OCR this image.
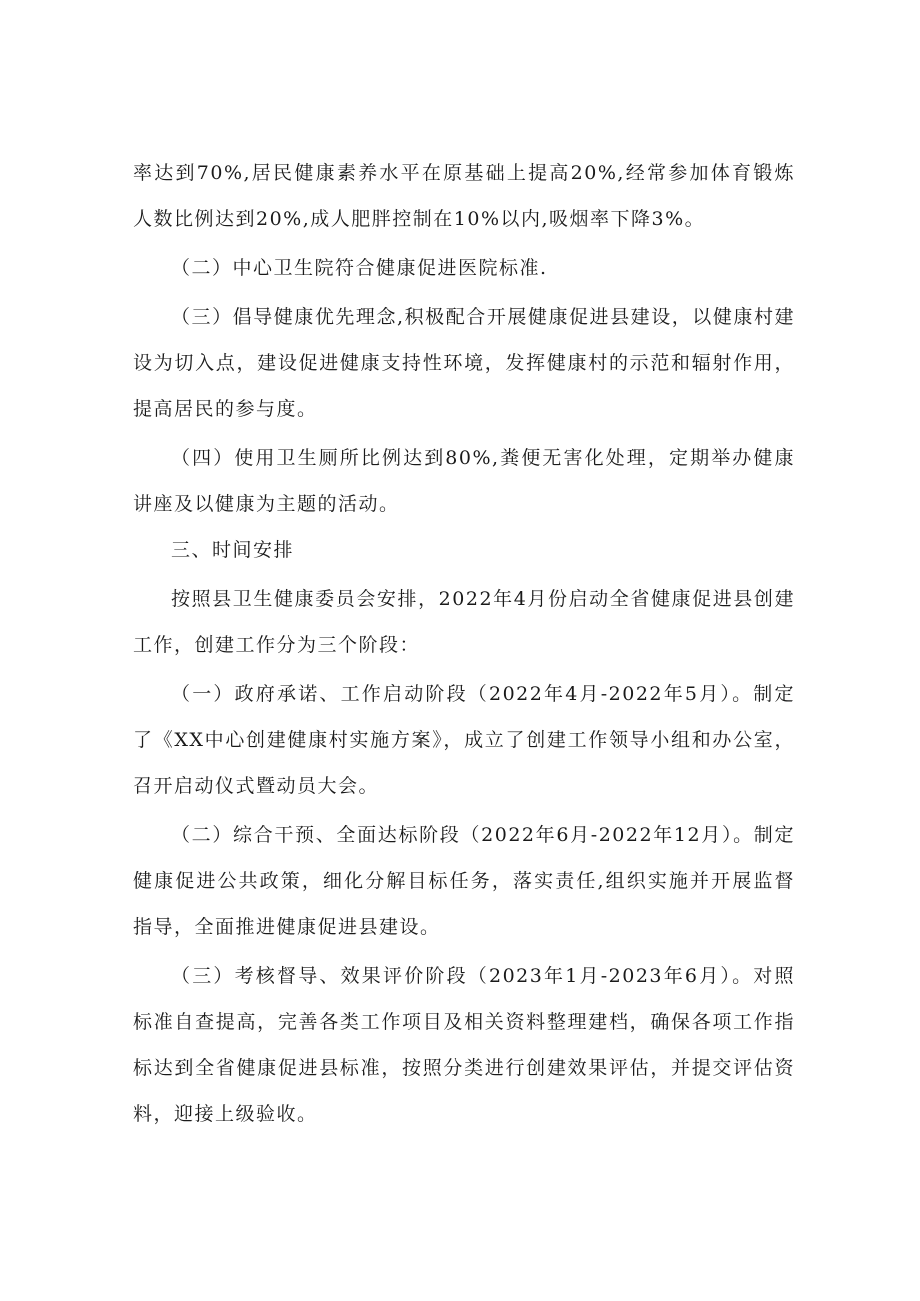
率达到70%,居民健康素养水平在原基础上提高20%,经常参加体育锻炼人数比例达到20%,成人肥胖控制在10%以内,吸烟率下降3%。

（二）中心卫生院符合健康促进医院标准.

（三）倡导健康优先理念,积极配合开展健康促进县建设，以健康村建设为切入点，建设促进健康支持性环境，发挥健康村的示范和辐射作用，提高居民的参与度。

（四）使用卫生厕所比例达到80%,粪便无害化处理，定期举办健康讲座及以健康为主题的活动。

三、时间安排

按照县卫生健康委员会安排，2022年4月份启动全省健康促进县创建工作，创建工作分为三个阶段：

（一）政府承诺、工作启动阶段（2022年4月-2022年5月）。制定了《XX中心创建健康村实施方案》，成立了创建工作领导小组和办公室，召开启动仪式暨动员大会。

（二）综合干预、全面达标阶段（2022年6月-2022年12月）。制定健康促进公共政策，细化分解目标任务，落实责任,组织实施并开展监督指导，全面推进健康促进县建设。

（三）考核督导、效果评价阶段（2023年1月-2023年6月）。对照标准自查提高，完善各类工作项目及相关资料整理建档，确保各项工作指标达到全省健康促进县标准，按照分类进行创建效果评估，并提交评估资料，迎接上级验收。
